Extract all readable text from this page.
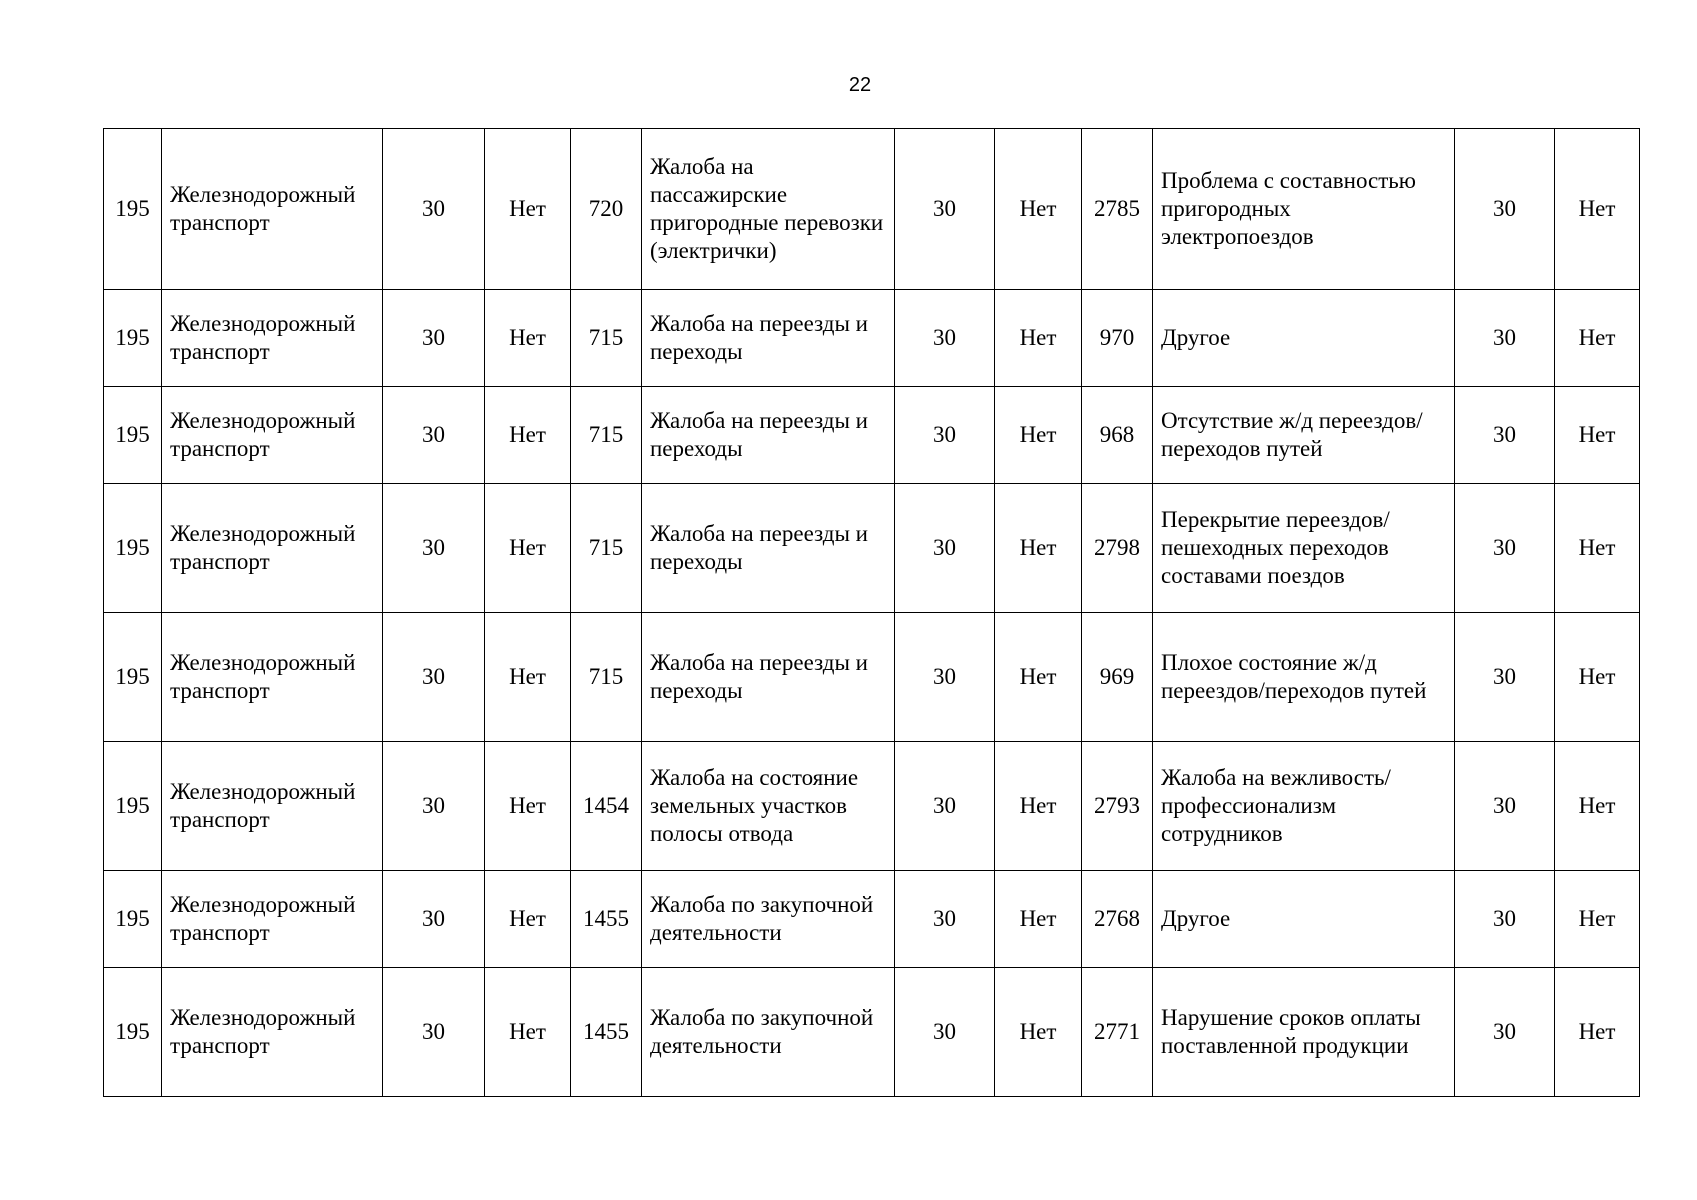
22
195	Железнодорожный транспорт	30	Нет	720	Жалоба на пассажирские пригородные перевозки (электрички)	30	Нет	2785	Проблема с составностью пригородных электропоездов	30	Нет
195	Железнодорожный транспорт	30	Нет	715	Жалоба на переезды и переходы	30	Нет	970	Другое	30	Нет
195	Железнодорожный транспорт	30	Нет	715	Жалоба на переезды и переходы	30	Нет	968	Отсутствие ж/д переездов/переходов путей	30	Нет
195	Железнодорожный транспорт	30	Нет	715	Жалоба на переезды и переходы	30	Нет	2798	Перекрытие переездов/пешеходных переходов составами поездов	30	Нет
195	Железнодорожный транспорт	30	Нет	715	Жалоба на переезды и переходы	30	Нет	969	Плохое состояние ж/д переездов/переходов путей	30	Нет
195	Железнодорожный транспорт	30	Нет	1454	Жалоба на состояние земельных участков полосы отвода	30	Нет	2793	Жалоба на вежливость/профессионализм сотрудников	30	Нет
195	Железнодорожный транспорт	30	Нет	1455	Жалоба по закупочной деятельности	30	Нет	2768	Другое	30	Нет
195	Железнодорожный транспорт	30	Нет	1455	Жалоба по закупочной деятельности	30	Нет	2771	Нарушение сроков оплаты поставленной продукции	30	Нет
